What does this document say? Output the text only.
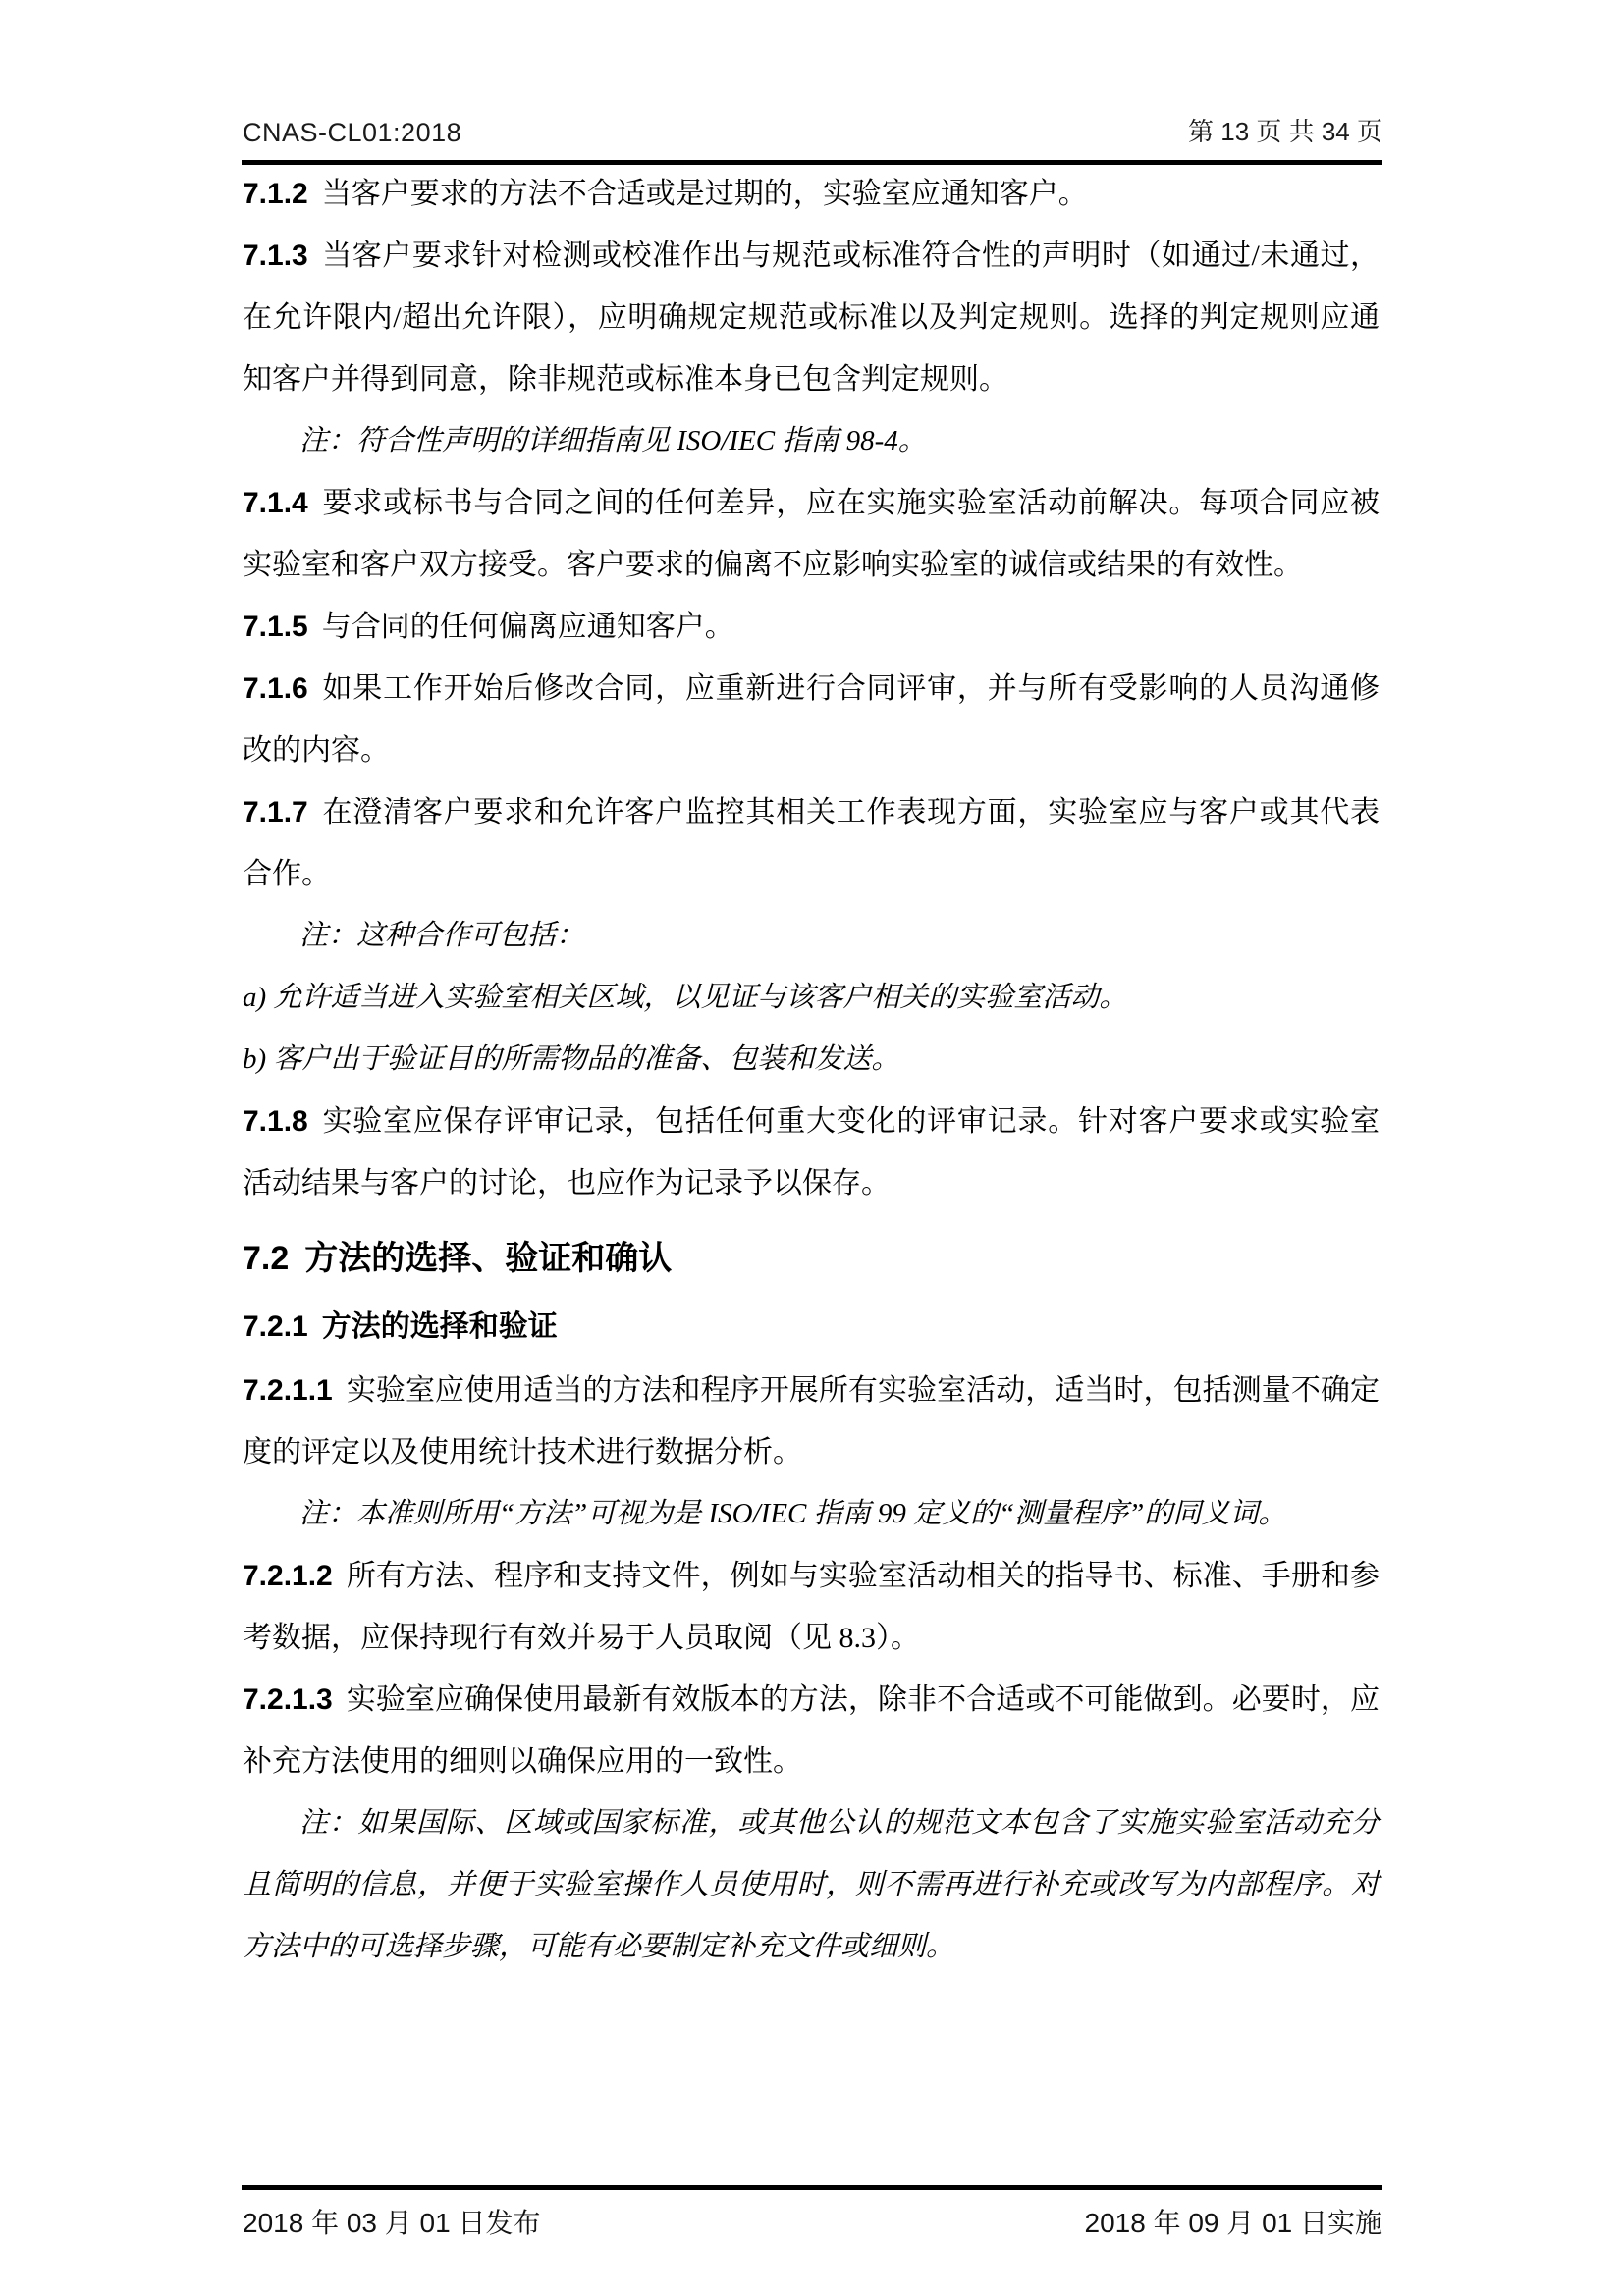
CNAS-CL01:2018	第 13 页 共 34 页

7.1.2 当客户要求的方法不合适或是过期的，实验室应通知客户。

7.1.3 当客户要求针对检测或校准作出与规范或标准符合性的声明时（如通过/未通过，在允许限内/超出允许限），应明确规定规范或标准以及判定规则。选择的判定规则应通知客户并得到同意，除非规范或标准本身已包含判定规则。

注：符合性声明的详细指南见 ISO/IEC 指南 98-4。

7.1.4 要求或标书与合同之间的任何差异，应在实施实验室活动前解决。每项合同应被实验室和客户双方接受。客户要求的偏离不应影响实验室的诚信或结果的有效性。

7.1.5 与合同的任何偏离应通知客户。

7.1.6 如果工作开始后修改合同，应重新进行合同评审，并与所有受影响的人员沟通修改的内容。

7.1.7 在澄清客户要求和允许客户监控其相关工作表现方面，实验室应与客户或其代表合作。

注：这种合作可包括：

a) 允许适当进入实验室相关区域，以见证与该客户相关的实验室活动。

b) 客户出于验证目的所需物品的准备、包装和发送。

7.1.8 实验室应保存评审记录，包括任何重大变化的评审记录。针对客户要求或实验室活动结果与客户的讨论，也应作为记录予以保存。

7.2 方法的选择、验证和确认

7.2.1 方法的选择和验证

7.2.1.1 实验室应使用适当的方法和程序开展所有实验室活动，适当时，包括测量不确定度的评定以及使用统计技术进行数据分析。

注：本准则所用“方法”可视为是 ISO/IEC 指南 99 定义的“测量程序”的同义词。

7.2.1.2 所有方法、程序和支持文件，例如与实验室活动相关的指导书、标准、手册和参考数据，应保持现行有效并易于人员取阅（见 8.3）。

7.2.1.3 实验室应确保使用最新有效版本的方法，除非不合适或不可能做到。必要时，应补充方法使用的细则以确保应用的一致性。

注：如果国际、区域或国家标准，或其他公认的规范文本包含了实施实验室活动充分且简明的信息，并便于实验室操作人员使用时，则不需再进行补充或改写为内部程序。对方法中的可选择步骤，可能有必要制定补充文件或细则。

2018 年 03 月 01 日发布	2018 年 09 月 01 日实施
